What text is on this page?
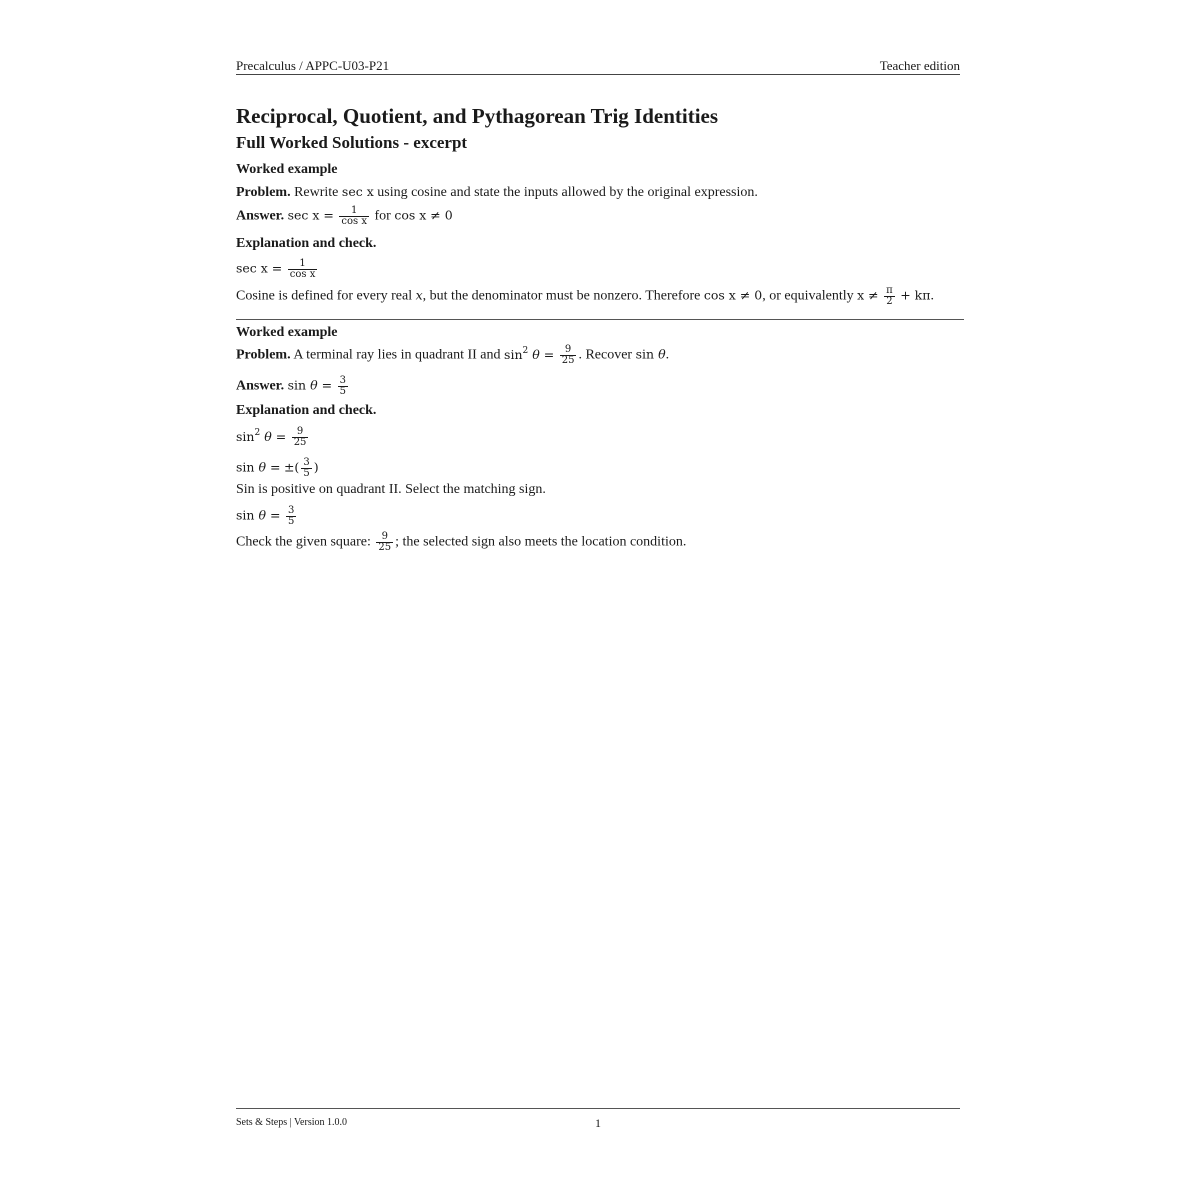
Precalculus / APPC-U03-P21	Teacher edition
Reciprocal, Quotient, and Pythagorean Trig Identities
Full Worked Solutions - excerpt
Worked example
Problem. Rewrite sec x using cosine and state the inputs allowed by the original expression.
Answer. $\sec x = \frac{1}{\text{cos x}}$ for cos x ≠ 0
Explanation and check.
$\sec x = \frac{1}{\text{cos x}}$
Cosine is defined for every real x, but the denominator must be nonzero. Therefore cos x ≠ 0, or equivalently $x \ne \frac{\pi}{2} + k\pi$.
Worked example
Problem. A terminal ray lies in quadrant II and $\sin^2 \theta = \frac{9}{25}$ . Recover sin θ.
Answer. $\sin \theta = \frac{3}{5}$
Explanation and check.
$\sin^2 \theta = \frac{9}{25}$
sin θ = ±( $\frac{3}{5}$ )
Sin is positive on quadrant II. Select the matching sign.
$\sin \theta = \frac{3}{5}$
Check the given square: $\frac{9}{25}$ ; the selected sign also meets the location condition.
Sets & Steps | Version 1.0.0	1
